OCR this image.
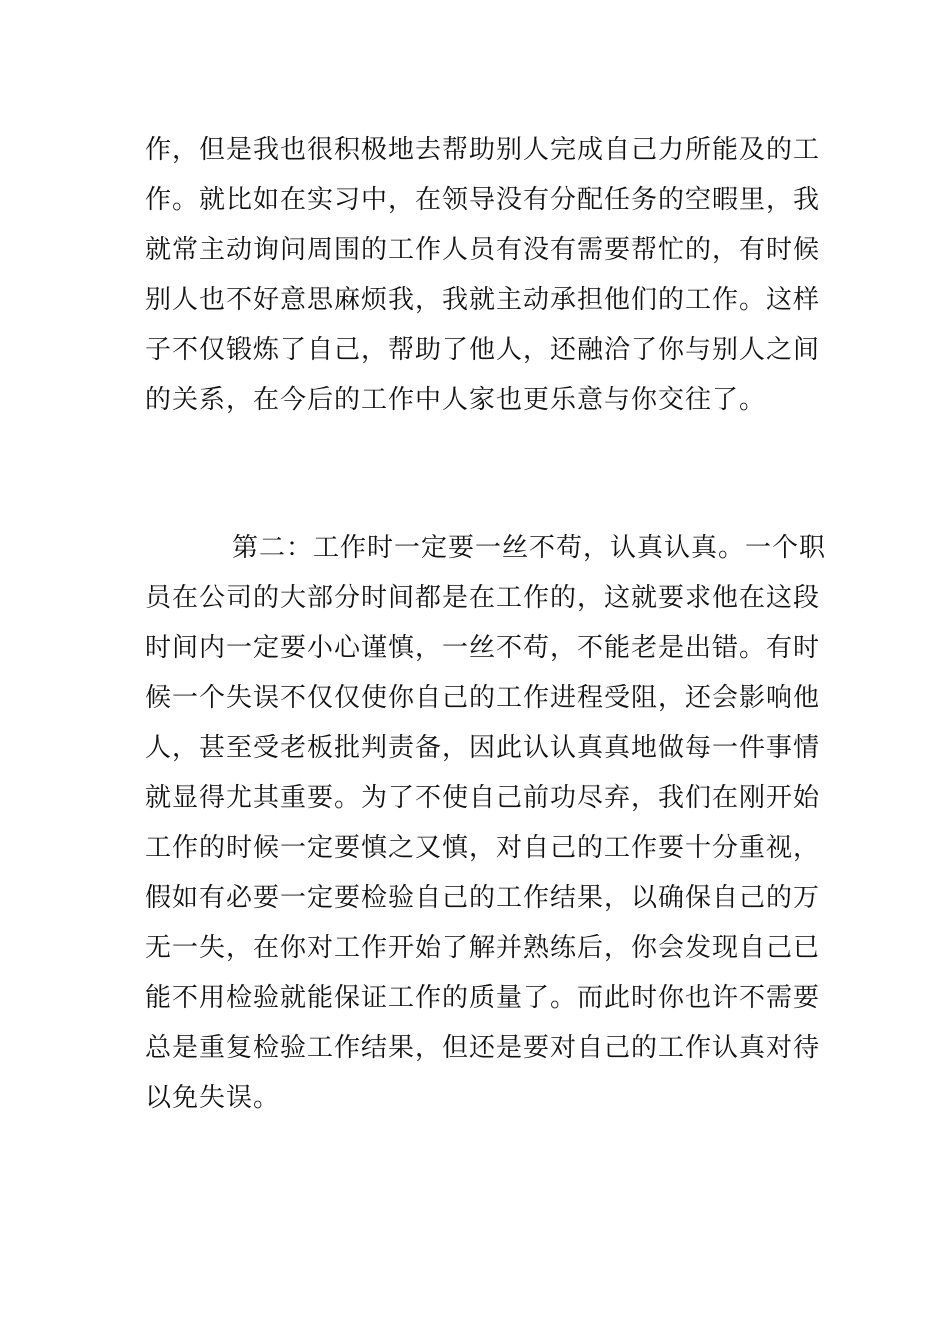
作，但是我也很积极地去帮助别人完成自己力所能及的工
作。就比如在实习中，在领导没有分配任务的空暇里，我
就常主动询问周围的工作人员有没有需要帮忙的，有时候
别人也不好意思麻烦我，我就主动承担他们的工作。这样
子不仅锻炼了自己，帮助了他人，还融洽了你与别人之间
的关系，在今后的工作中人家也更乐意与你交往了。
第二：工作时一定要一丝不苟，认真认真。一个职
员在公司的大部分时间都是在工作的，这就要求他在这段
时间内一定要小心谨慎，一丝不苟，不能老是出错。有时
候一个失误不仅仅使你自己的工作进程受阻，还会影响他
人，甚至受老板批判责备，因此认认真真地做每一件事情
就显得尤其重要。为了不使自己前功尽弃，我们在刚开始
工作的时候一定要慎之又慎，对自己的工作要十分重视，
假如有必要一定要检验自己的工作结果，以确保自己的万
无一失，在你对工作开始了解并熟练后，你会发现自己已
能不用检验就能保证工作的质量了。而此时你也许不需要
总是重复检验工作结果，但还是要对自己的工作认真对待
以免失误。
